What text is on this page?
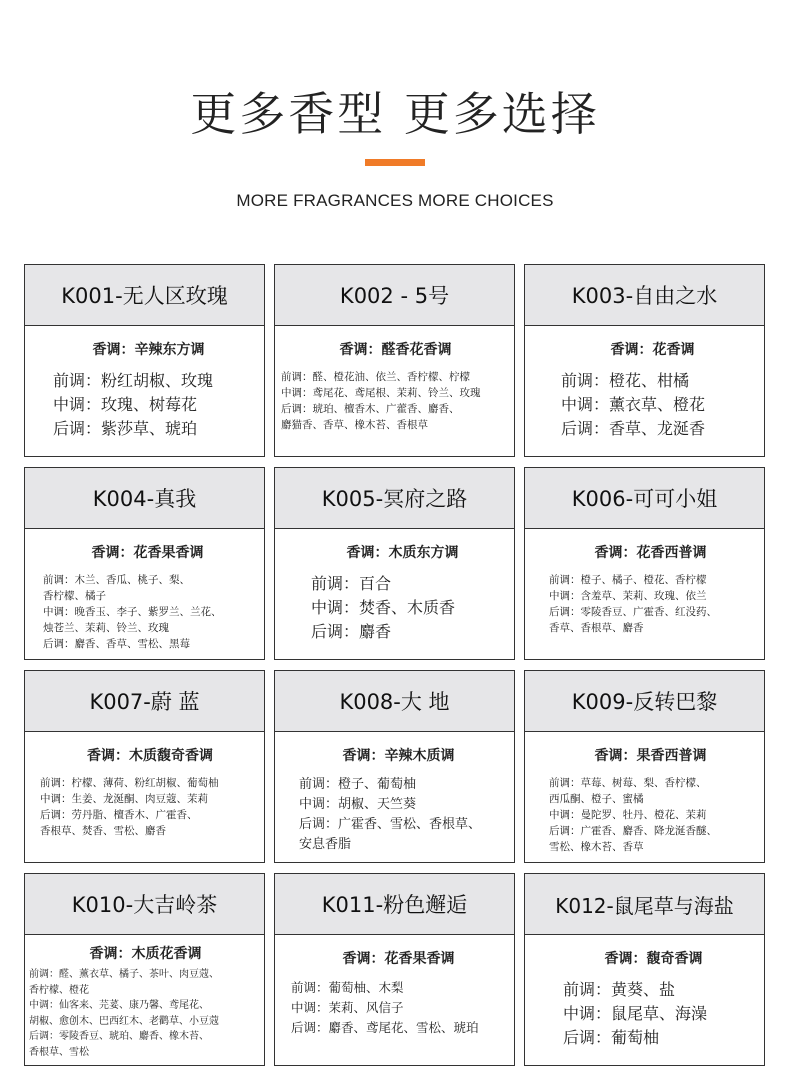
更多香型 更多选择
MORE FRAGRANCES MORE CHOICES
K001-无人区玫瑰
香调：辛辣东方调
前调：粉红胡椒、玫瑰
中调：玫瑰、树莓花
后调：紫莎草、琥珀
K002 - 5号
香调：醛香花香调
前调：醛、橙花油、依兰、香柠檬、柠檬
中调：鸢尾花、鸢尾根、茉莉、铃兰、玫瑰
后调：琥珀、檀香木、广藿香、麝香、
麝猫香、香草、橡木苔、香根草
K003-自由之水
香调：花香调
前调：橙花、柑橘
中调：薰衣草、橙花
后调：香草、龙涎香
K004-真我
香调：花香果香调
前调：木兰、香瓜、桃子、梨、
香柠檬、橘子
中调：晚香玉、李子、紫罗兰、兰花、
烛苍兰、茉莉、铃兰、玫瑰
后调：麝香、香草、雪松、黑莓
K005-冥府之路
香调：木质东方调
前调：百合
中调：焚香、木质香
后调：麝香
K006-可可小姐
香调：花香西普调
前调：橙子、橘子、橙花、香柠檬
中调：含羞草、茉莉、玫瑰、依兰
后调：零陵香豆、广霍香、红没药、
香草、香根草、麝香
K007-蔚 蓝
香调：木质馥奇香调
前调：柠檬、薄荷、粉红胡椒、葡萄柚
中调：生姜、龙涎酮、肉豆蔻、茉莉
后调：劳丹脂、檀香木、广霍香、
香根草、焚香、雪松、麝香
K008-大 地
香调：辛辣木质调
前调：橙子、葡萄柚
中调：胡椒、天竺葵
后调：广霍香、雪松、香根草、
安息香脂
K009-反转巴黎
香调：果香西普调
前调：草莓、树莓、梨、香柠檬、
西瓜酮、橙子、蜜橘
中调：曼陀罗、牡丹、橙花、茉莉
后调：广霍香、麝香、降龙涎香醚、
雪松、橡木苔、香草
K010-大吉岭茶
香调：木质花香调
前调：醛、薰衣草、橘子、茶叶、肉豆蔻、
香柠檬、橙花
中调：仙客来、芫荽、康乃馨、鸢尾花、
胡椒、愈创木、巴西红木、老鹳草、小豆蔻
后调：零陵香豆、琥珀、麝香、橡木苔、
香根草、雪松
K011-粉色邂逅
香调：花香果香调
前调：葡萄柚、木梨
中调：茉莉、风信子
后调：麝香、鸢尾花、雪松、琥珀
K012-鼠尾草与海盐
香调：馥奇香调
前调：黄葵、盐
中调：鼠尾草、海澡
后调：葡萄柚
